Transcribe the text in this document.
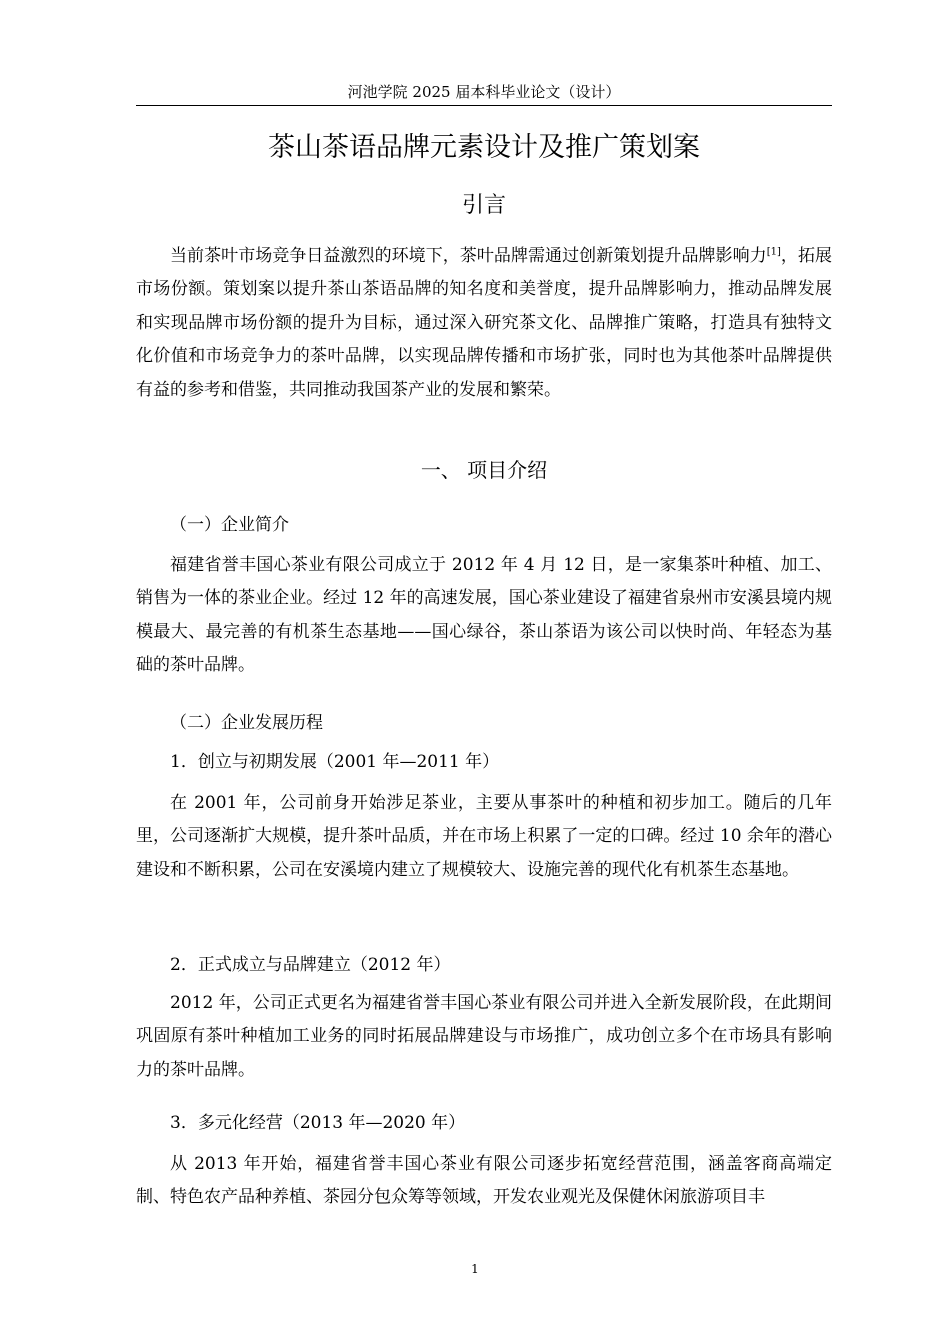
河池学院 2025 届本科毕业论文（设计）
茶山茶语品牌元素设计及推广策划案
引言

当前茶叶市场竞争日益激烈的环境下，茶叶品牌需通过创新策划提升品牌影响力[1]，拓展市场份额。策划案以提升茶山茶语品牌的知名度和美誉度，提升品牌影响力，推动品牌发展和实现品牌市场份额的提升为目标，通过深入研究茶文化、品牌推广策略，打造具有独特文化价值和市场竞争力的茶叶品牌，以实现品牌传播和市场扩张，同时也为其他茶叶品牌提供有益的参考和借鉴，共同推动我国茶产业的发展和繁荣。

一、 项目介绍
（一）企业简介

福建省誉丰国心茶业有限公司成立于 2012 年 4 月 12 日，是一家集茶叶种植、加工、销售为一体的茶业企业。经过 12 年的高速发展，国心茶业建设了福建省泉州市安溪县境内规模最大、最完善的有机茶生态基地——国心绿谷，茶山茶语为该公司以快时尚、年轻态为基础的茶叶品牌。

（二）企业发展历程
1．创立与初期发展（2001 年—2011 年）

在 2001 年，公司前身开始涉足茶业，主要从事茶叶的种植和初步加工。随后的几年里，公司逐渐扩大规模，提升茶叶品质，并在市场上积累了一定的口碑。经过 10 余年的潜心建设和不断积累，公司在安溪境内建立了规模较大、设施完善的现代化有机茶生态基地。

2．正式成立与品牌建立（2012 年）

2012 年，公司正式更名为福建省誉丰国心茶业有限公司并进入全新发展阶段，在此期间巩固原有茶叶种植加工业务的同时拓展品牌建设与市场推广，成功创立多个在市场具有影响力的茶叶品牌。

3．多元化经营（2013 年—2020 年）

从 2013 年开始，福建省誉丰国心茶业有限公司逐步拓宽经营范围，涵盖客商高端定制、特色农产品种养植、茶园分包众筹等领域，开发农业观光及保健休闲旅游项目丰

1
